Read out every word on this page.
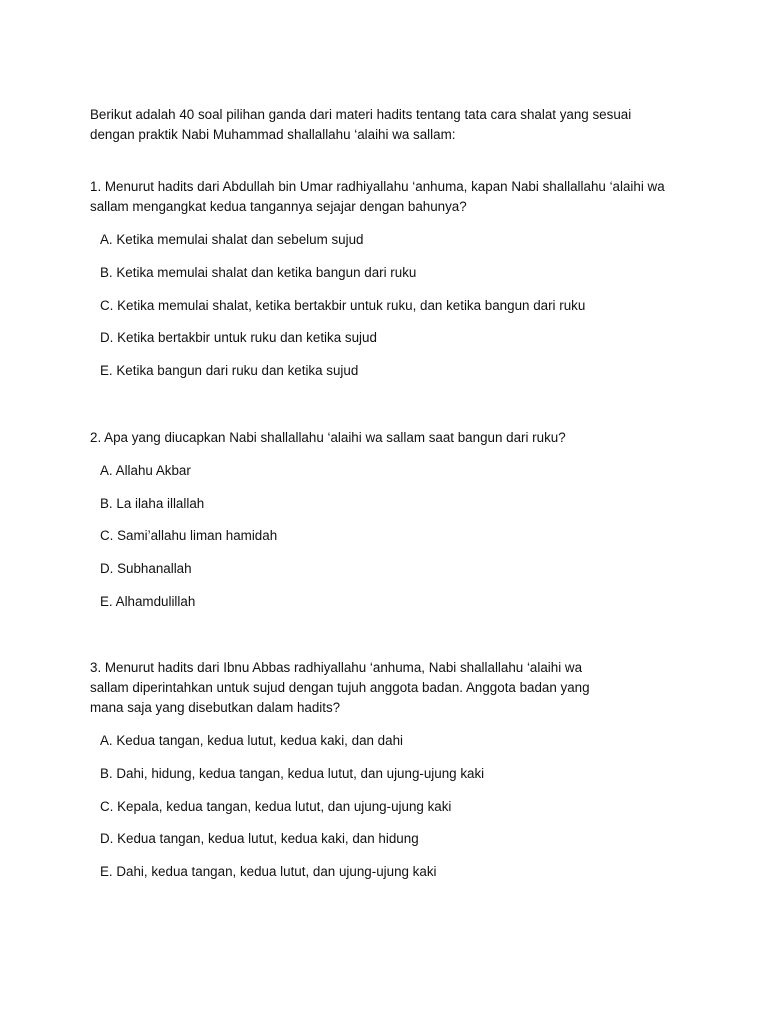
Berikut adalah 40 soal pilihan ganda dari materi hadits tentang tata cara shalat yang sesuai dengan praktik Nabi Muhammad shallallahu ‘alaihi wa sallam:

1. Menurut hadits dari Abdullah bin Umar radhiyallahu ‘anhuma, kapan Nabi shallallahu ‘alaihi wa sallam mengangkat kedua tangannya sejajar dengan bahunya?

A. Ketika memulai shalat dan sebelum sujud
B. Ketika memulai shalat dan ketika bangun dari ruku
C. Ketika memulai shalat, ketika bertakbir untuk ruku, dan ketika bangun dari ruku
D. Ketika bertakbir untuk ruku dan ketika sujud
E. Ketika bangun dari ruku dan ketika sujud

2. Apa yang diucapkan Nabi shallallahu ‘alaihi wa sallam saat bangun dari ruku?

A. Allahu Akbar
B. La ilaha illallah
C. Sami’allahu liman hamidah
D. Subhanallah
E. Alhamdulillah

3. Menurut hadits dari Ibnu Abbas radhiyallahu ‘anhuma, Nabi shallallahu ‘alaihi wa sallam diperintahkan untuk sujud dengan tujuh anggota badan. Anggota badan yang mana saja yang disebutkan dalam hadits?

A. Kedua tangan, kedua lutut, kedua kaki, dan dahi
B. Dahi, hidung, kedua tangan, kedua lutut, dan ujung-ujung kaki
C. Kepala, kedua tangan, kedua lutut, dan ujung-ujung kaki
D. Kedua tangan, kedua lutut, kedua kaki, dan hidung
E. Dahi, kedua tangan, kedua lutut, dan ujung-ujung kaki
